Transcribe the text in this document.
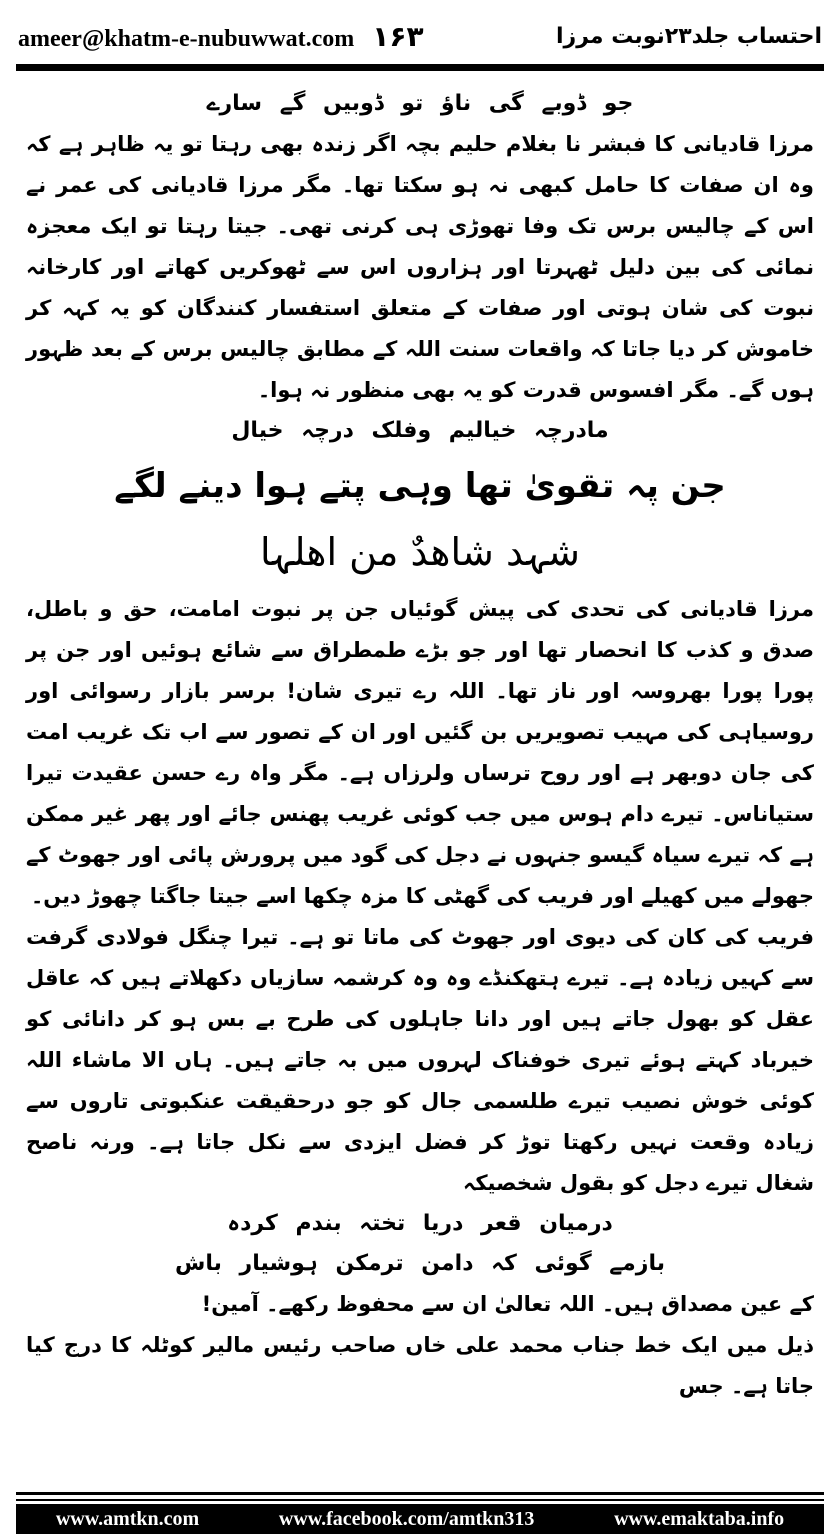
ameer@khatm-e-nubuwwat.com ۱۶۳	احتساب جلد۲۳نوبت مرزا

جو ڈوبے گی ناؤ تو ڈوبیں گے سارے

مرزا قادیانی کا فبشر نا بغلام حلیم بچہ اگر زندہ بھی رہتا تو یہ ظاہر ہے کہ وہ ان صفات کا حامل کبھی نہ ہو سکتا تھا۔ مگر مرزا قادیانی کی عمر نے اس کے چالیس برس تک وفا تھوڑی ہی کرنی تھی۔ جیتا رہتا تو ایک معجزہ نمائی کی بین دلیل ٹھہرتا اور ہزاروں اس سے ٹھوکریں کھاتے اور کارخانہ نبوت کی شان ہوتی اور صفات کے متعلق استفسار کنندگان کو یہ کہہ کر خاموش کر دیا جاتا کہ واقعات سنت اللہ کے مطابق چالیس برس کے بعد ظہور ہوں گے۔ مگر افسوس قدرت کو یہ بھی منظور نہ ہوا۔

مادرچہ خیالیم وفلک درچہ خیال

جن پہ تقویٰ تھا وہی پتے ہوا دینے لگے

شہد شاھدٌ من اھلہا

مرزا قادیانی کی تحدی کی پیش گوئیاں جن پر نبوت امامت، حق و باطل، صدق و کذب کا انحصار تھا اور جو بڑے طمطراق سے شائع ہوئیں اور جن پر پورا پورا بھروسہ اور ناز تھا۔ اللہ رے تیری شان! برسر بازار رسوائی اور روسیاہی کی مہیب تصویریں بن گئیں اور ان کے تصور سے اب تک غریب امت کی جان دوبھر ہے اور روح ترساں ولرزاں ہے۔ مگر واہ رے حسن عقیدت تیرا ستیاناس۔ تیرے دام ہوس میں جب کوئی غریب پھنس جائے اور پھر غیر ممکن ہے کہ تیرے سیاہ گیسو جنہوں نے دجل کی گود میں پرورش پائی اور جھوٹ کے جھولے میں کھیلے اور فریب کی گھٹی کا مزہ چکھا اسے جیتا جاگتا چھوڑ دیں۔

فریب کی کان کی دیوی اور جھوٹ کی ماتا تو ہے۔ تیرا چنگل فولادی گرفت سے کہیں زیادہ ہے۔ تیرے ہتھکنڈے وہ وہ کرشمہ سازیاں دکھلاتے ہیں کہ عاقل عقل کو بھول جاتے ہیں اور دانا جاہلوں کی طرح بے بس ہو کر دانائی کو خیرباد کہتے ہوئے تیری خوفناک لہروں میں بہ جاتے ہیں۔ ہاں الا ماشاء اللہ کوئی خوش نصیب تیرے طلسمی جال کو جو درحقیقت عنکبوتی تاروں سے زیادہ وقعت نہیں رکھتا توڑ کر فضل ایزدی سے نکل جاتا ہے۔ ورنہ ناصح شغال تیرے دجل کو بقول شخصیکہ

درمیان قعر دریا تختہ بندم کردہ

بازمے گوئی کہ دامن ترمکن ہوشیار باش

کے عین مصداق ہیں۔ اللہ تعالیٰ ان سے محفوظ رکھے۔ آمین!

ذیل میں ایک خط جناب محمد علی خاں صاحب رئیس مالیر کوٹلہ کا درج کیا جاتا ہے۔ جس

www.amtkn.com	www.facebook.com/amtkn313	www.emaktaba.info
